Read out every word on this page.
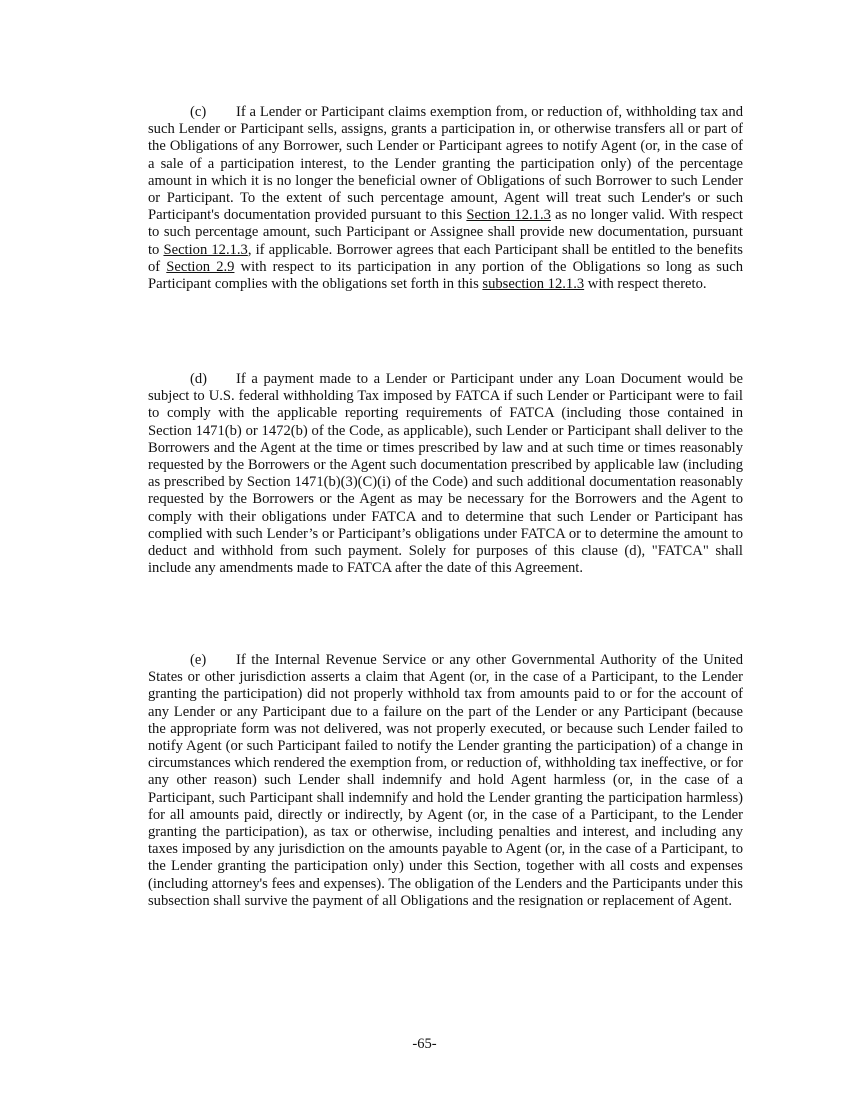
(c) If a Lender or Participant claims exemption from, or reduction of, withholding tax and such Lender or Participant sells, assigns, grants a participation in, or otherwise transfers all or part of the Obligations of any Borrower, such Lender or Participant agrees to notify Agent (or, in the case of a sale of a participation interest, to the Lender granting the participation only) of the percentage amount in which it is no longer the beneficial owner of Obligations of such Borrower to such Lender or Participant. To the extent of such percentage amount, Agent will treat such Lender's or such Participant's documentation provided pursuant to this Section 12.1.3 as no longer valid. With respect to such percentage amount, such Participant or Assignee shall provide new documentation, pursuant to Section 12.1.3, if applicable. Borrower agrees that each Participant shall be entitled to the benefits of Section 2.9 with respect to its participation in any portion of the Obligations so long as such Participant complies with the obligations set forth in this subsection 12.1.3 with respect thereto.

(d) If a payment made to a Lender or Participant under any Loan Document would be subject to U.S. federal withholding Tax imposed by FATCA if such Lender or Participant were to fail to comply with the applicable reporting requirements of FATCA (including those contained in Section 1471(b) or 1472(b) of the Code, as applicable), such Lender or Participant shall deliver to the Borrowers and the Agent at the time or times prescribed by law and at such time or times reasonably requested by the Borrowers or the Agent such documentation prescribed by applicable law (including as prescribed by Section 1471(b)(3)(C)(i) of the Code) and such additional documentation reasonably requested by the Borrowers or the Agent as may be necessary for the Borrowers and the Agent to comply with their obligations under FATCA and to determine that such Lender or Participant has complied with such Lender’s or Participant’s obligations under FATCA or to determine the amount to deduct and withhold from such payment. Solely for purposes of this clause (d), "FATCA" shall include any amendments made to FATCA after the date of this Agreement.

(e) If the Internal Revenue Service or any other Governmental Authority of the United States or other jurisdiction asserts a claim that Agent (or, in the case of a Participant, to the Lender granting the participation) did not properly withhold tax from amounts paid to or for the account of any Lender or any Participant due to a failure on the part of the Lender or any Participant (because the appropriate form was not delivered, was not properly executed, or because such Lender failed to notify Agent (or such Participant failed to notify the Lender granting the participation) of a change in circumstances which rendered the exemption from, or reduction of, withholding tax ineffective, or for any other reason) such Lender shall indemnify and hold Agent harmless (or, in the case of a Participant, such Participant shall indemnify and hold the Lender granting the participation harmless) for all amounts paid, directly or indirectly, by Agent (or, in the case of a Participant, to the Lender granting the participation), as tax or otherwise, including penalties and interest, and including any taxes imposed by any jurisdiction on the amounts payable to Agent (or, in the case of a Participant, to the Lender granting the participation only) under this Section, together with all costs and expenses (including attorney's fees and expenses). The obligation of the Lenders and the Participants under this subsection shall survive the payment of all Obligations and the resignation or replacement of Agent.

-65-
